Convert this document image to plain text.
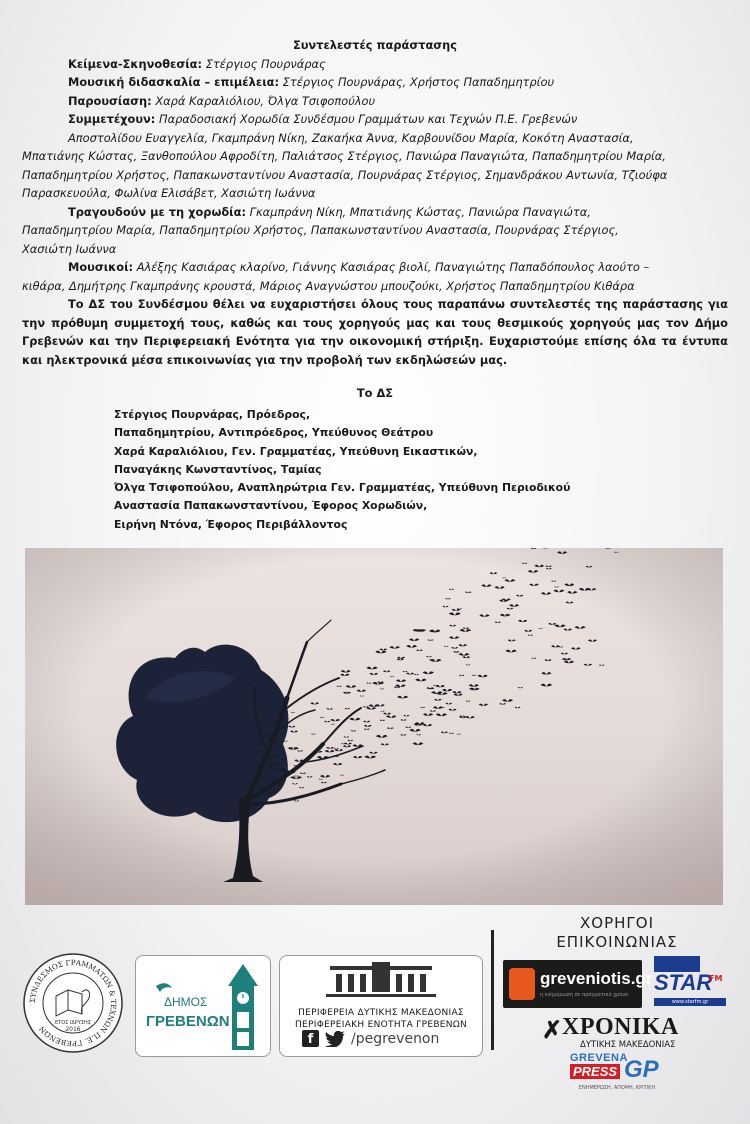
Συντελεστές παράστασης

Κείμενα-Σκηνοθεσία: Στέργιος Πουρνάρας

Μουσική διδασκαλία – επιμέλεια: Στέργιος Πουρνάρας, Χρήστος Παπαδημητρίου

Παρουσίαση: Χαρά Καραλιόλιου, Όλγα Τσιφοπούλου

Συμμετέχουν: Παραδοσιακή Χορωδία Συνδέσμου Γραμμάτων και Τεχνών Π.Ε. Γρεβενών

Αποστολίδου Ευαγγελία, Γκαμπράνη Νίκη, Ζακαήκα Άννα, Καρβουνίδου Μαρία, Κοκότη Αναστασία,

Μπατιάνης Κώστας, Ξανθοπούλου Αφροδίτη, Παλιάτσος Στέργιος, Πανιώρα Παναγιώτα, Παπαδημητρίου Μαρία,

Παπαδημητρίου Χρήστος, Παπακωνσταντίνου Αναστασία, Πουρνάρας Στέργιος, Σημανδράκου Αντωνία, Τζιούφα

Παρασκευούλα, Φωλίνα Ελισάβετ, Χασιώτη Ιωάννα

Τραγουδούν με τη χορωδία: Γκαμπράνη Νίκη, Μπατιάνης Κώστας, Πανιώρα Παναγιώτα,

Παπαδημητρίου Μαρία, Παπαδημητρίου Χρήστος, Παπακωνσταντίνου Αναστασία, Πουρνάρας Στέργιος,

Χασιώτη Ιωάννα

Μουσικοί: Αλέξης Κασιάρας κλαρίνο, Γιάννης Κασιάρας βιολί, Παναγιώτης Παπαδόπουλος λαούτο –

κιθάρα, Δημήτρης Γκαμπράνης κρουστά, Μάριος Αναγνώστου μπουζούκι, Χρήστος Παπαδημητρίου Κιθάρα

Το ΔΣ του Συνδέσμου θέλει να ευχαριστήσει όλους τους παραπάνω συντελεστές της παράστασης για την πρόθυμη συμμετοχή τους, καθώς και τους χορηγούς μας και τους θεσμικούς χορηγούς μας τον Δήμο Γρεβενών και την Περιφερειακή Ενότητα για την οικονομική στήριξη. Ευχαριστούμε επίσης όλα τα έντυπα και ηλεκτρονικά μέσα επικοινωνίας για την προβολή των εκδηλώσεών μας.

Το ΔΣ
Στέργιος Πουρνάρας, Πρόεδρος,
Παπαδημητρίου, Αντιπρόεδρος, Υπεύθυνος Θεάτρου
Χαρά Καραλιόλιου, Γεν. Γραμματέας, Υπεύθυνη Εικαστικών,
Παναγάκης Κωνσταντίνος, Ταμίας
Όλγα Τσιφοπούλου, Αναπληρώτρια Γεν. Γραμματέας, Υπεύθυνη Περιοδικού
Αναστασία Παπακωνσταντίνου, Έφορος Χορωδιών,
Ειρήνη Ντόνα, Έφορος Περιβάλλοντος
ΧΟΡΗΓΟΙ
ΕΠΙΚΟΙΝΩΝΙΑΣ
ΣΥΝΔΕΣΜΟΣ ΓΡΑΜΜΑΤΩΝ & ΤΕΧΝΩΝ Π.Ε. ΓΡΕΒΕΝΩΝ
ΕΤΟΣ ΙΔΡΥΣΗΣ
2016
ΔΗΜΟΣ
ΓΡΕΒΕΝΩΝ	ΠΕΡΙΦΕΡΕΙΑ ΔΥΤΙΚΗΣ ΜΑΚΕΔΟΝΙΑΣ
ΠΕΡΙΦΕΡΕΙΑΚΗ ΕΝΟΤΗΤΑ ΓΡΕΒΕΝΩΝ
f	/pegrevenon
greveniotis.gr
η ενημέρωση σε πραγματικό χρόνο STAR
FM
www.starfm.gr
✗ ΧΡΟΝΙΚΑ
ΔΥΤΙΚΗΣ ΜΑΚΕΔΟΝΙΑΣ
GREVENA
PRESS GP
ΕΝΗΜΕΡΩΣΗ, ΑΠΟΨΗ, ΚΡΙΤΙΚΗ
